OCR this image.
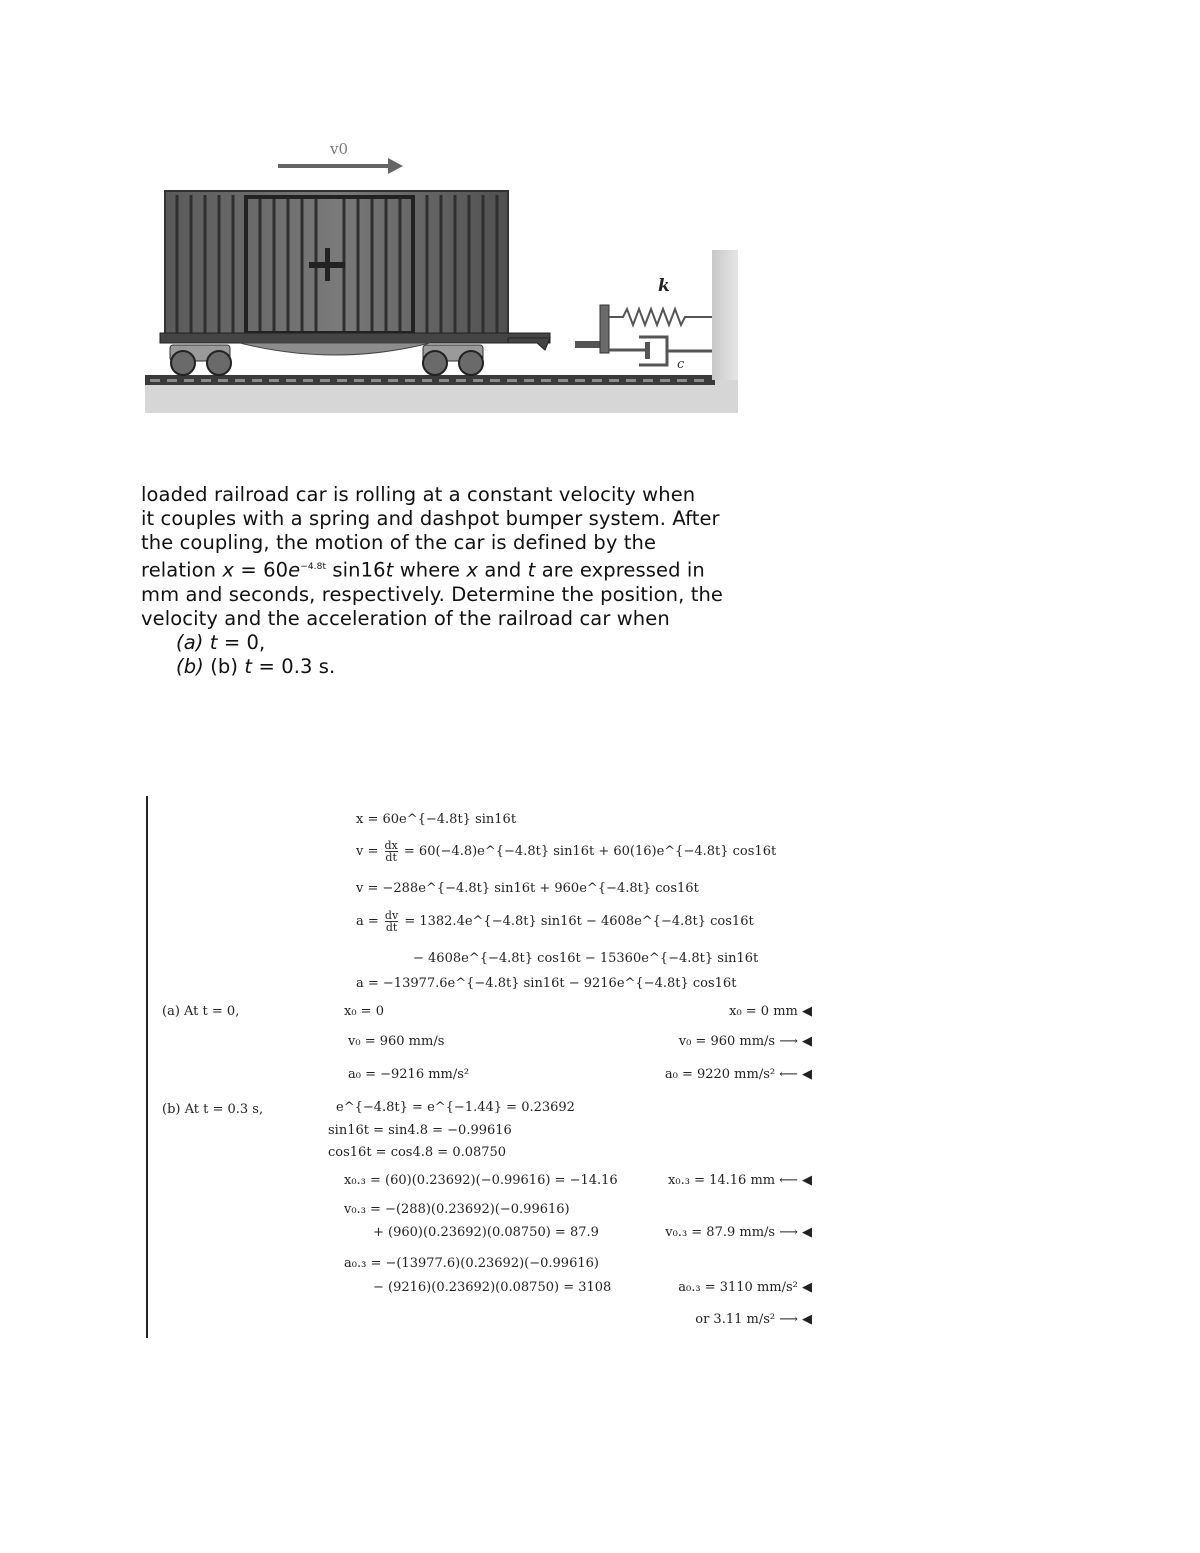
v0
k
c

loaded railroad car is rolling at a constant velocity when

it couples with a spring and dashpot bumper system. After

the coupling, the motion of the car is defined by the

relation $x = 60e^{-4.8t}$ sin16t where x and t are expressed in

mm and seconds, respectively. Determine the position, the

velocity and the acceleration of the railroad car when

(a) t = 0,

(b) (b) t = 0.3 s.

x = 60e^{−4.8t} sin16t
$v = \frac{dx}{dt}$ = 60(−4.8)e^{−4.8t} sin16t + 60(16)e^{−4.8t} cos16t
v = −288e^{−4.8t} sin16t + 960e^{−4.8t} cos16t
$a = \frac{dv}{dt}$ = 1382.4e^{−4.8t} sin16t − 4608e^{−4.8t} cos16t
− 4608e^{−4.8t} cos16t − 15360e^{−4.8t} sin16t
a = −13977.6e^{−4.8t} sin16t − 9216e^{−4.8t} cos16t
(a) At t = 0,	x₀ = 0
v₀ = 960 mm/s
a₀ = −9216 mm/s²
x₀ = 0 mm ◀
v₀ = 960 mm/s ⟶ ◀
a₀ = 9220 mm/s² ⟵ ◀
(b) At t = 0.3 s,	e^{−4.8t} = e^{−1.44} = 0.23692
sin16t = sin4.8 = −0.99616
cos16t = cos4.8 = 0.08750
x₀.₃ = (60)(0.23692)(−0.99616) = −14.16
v₀.₃ = −(288)(0.23692)(−0.99616)
+ (960)(0.23692)(0.08750) = 87.9
a₀.₃ = −(13977.6)(0.23692)(−0.99616)
− (9216)(0.23692)(0.08750) = 3108
x₀.₃ = 14.16 mm ⟵ ◀
v₀.₃ = 87.9 mm/s ⟶ ◀
a₀.₃ = 3110 mm/s² ◀
or 3.11 m/s² ⟶ ◀
